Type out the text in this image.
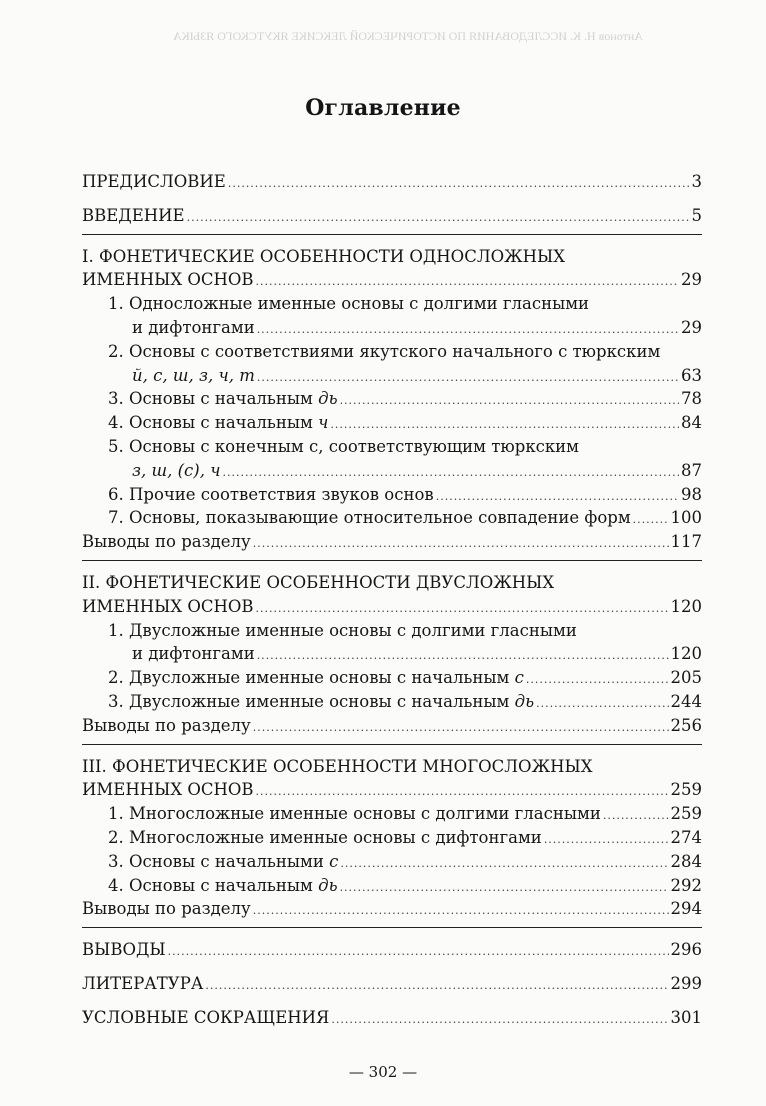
Антонов Н. К. ИССЛЕДОВАНИЯ ПО ИСТОРИЧЕСКОЙ ЛЕКСИКЕ ЯКУТСКОГО ЯЗЫКА
Оглавление
ПРЕДИСЛОВИЕ .....	3
ВВЕДЕНИЕ .....	5
I. ФОНЕТИЧЕСКИЕ ОСОБЕННОСТИ ОДНОСЛОЖНЫХ
ИМЕННЫХ ОСНОВ .....	29
1. Односложные именные основы с долгими гласными
и дифтонгами .....	29
2. Основы с соответствиями якутского начального с тюркским
й, с, ш, з, ч, т .....	63
3. Основы с начальным дь .....	78
4. Основы с начальным ч .....	84
5. Основы с конечным с, соответствующим тюркским
з, ш, (с), ч .....	87
6. Прочие соответствия звуков основ .....	98
7. Основы, показывающие относительное совпадение форм ..... 100
Выводы по разделу .....	117
II. ФОНЕТИЧЕСКИЕ ОСОБЕННОСТИ ДВУСЛОЖНЫХ
ИМЕННЫХ ОСНОВ .....	120
1. Двусложные именные основы с долгими гласными
и дифтонгами .....	120
2. Двусложные именные основы с начальным с .....	205
3. Двусложные именные основы с начальным дь .....	244
Выводы по разделу .....	256
III. ФОНЕТИЧЕСКИЕ ОСОБЕННОСТИ МНОГОСЛОЖНЫХ
ИМЕННЫХ ОСНОВ .....	259
1. Многосложные именные основы с долгими гласными .....	259
2. Многосложные именные основы с дифтонгами .....	274
3. Основы с начальными с .....	284
4. Основы с начальным дь .....	292
Выводы по разделу .....	294
ВЫВОДЫ .....	296
ЛИТЕРАТУРА .....	299
УСЛОВНЫЕ СОКРАЩЕНИЯ .....	301
— 302 —
